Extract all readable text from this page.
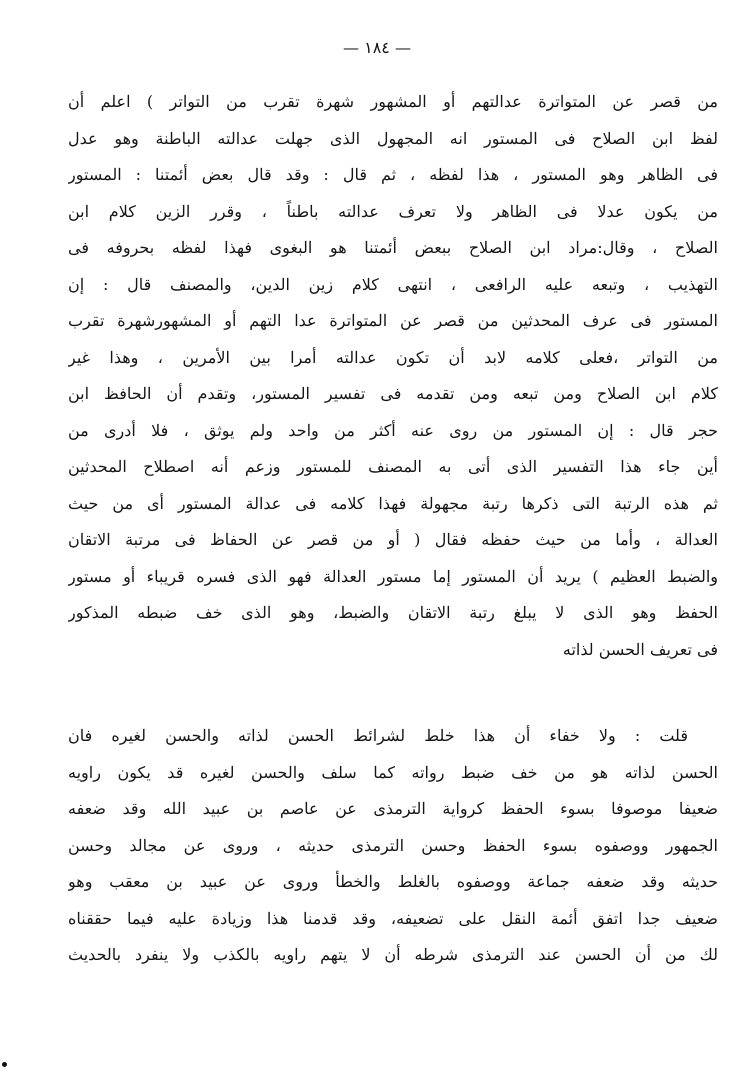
— ١٨٤ —
من قصر عن المتواترة عدالتهم أو المشهور شهرة تقرب من التواتر ) اعلم أن
لفظ ابن الصلاح فى المستور انه المجهول الذى جهلت عدالته الباطنة وهو عدل
فى الظاهر وهو المستور ، هذا لفظه ، ثم قال : وقد قال بعض أئمتنا : المستور
من يكون عدلا فى الظاهر ولا تعرف عدالته باطناً ، وقرر الزين كلام ابن
الصلاح ، وقال:مراد ابن الصلاح ببعض أئمتنا هو البغوى فهذا لفظه بحروفه فى
التهذيب ، وتبعه عليه الرافعى ، انتهى كلام زين الدين، والمصنف قال : إن
المستور فى عرف المحدثين من قصر عن المتواترة عدا التهم أو المشهورشهرة تقرب
من التواتر ،فعلى كلامه لابد أن تكون عدالته أمرا بين الأمرين ، وهذا غير
كلام ابن الصلاح ومن تبعه ومن تقدمه فى تفسير المستور، وتقدم أن الحافظ ابن
حجر قال : إن المستور من روى عنه أكثر من واحد ولم يوثق ، فلا أدرى من
أين جاء هذا التفسير الذى أتى به المصنف للمستور وزعم أنه اصطلاح المحدثين
ثم هذه الرتبة التى ذكرها رتبة مجهولة فهذا كلامه فى عدالة المستور أى من حيث
العدالة ، وأما من حيث حفظه فقال ( أو من قصر عن الحفاظ فى مرتبة الاتقان
والضبط العظيم ) يريد أن المستور إما مستور العدالة فهو الذى فسره قريباء أو مستور
الحفظ وهو الذى لا يبلغ رتبة الاتقان والضبط، وهو الذى خف ضبطه المذكور
فى تعريف الحسن لذاته
قلت : ولا خفاء أن هذا خلط لشرائط الحسن لذاته والحسن لغيره فان
الحسن لذاته هو من خف ضبط رواته كما سلف والحسن لغيره قد يكون راويه
ضعيفا موصوفا بسوء الحفظ كرواية الترمذى عن عاصم بن عبيد الله وقد ضعفه
الجمهور ووصفوه بسوء الحفظ وحسن الترمذى حديثه ، وروى عن مجالد وحسن
حديثه وقد ضعفه جماعة ووصفوه بالغلط والخطأ وروى عن عبيد بن معقب وهو
ضعيف جدا اتفق أئمة النقل على تضعيفه، وقد قدمنا هذا وزيادة عليه فيما حققناه
لك من أن الحسن عند الترمذى شرطه أن لا يتهم راويه بالكذب ولا ينفرد بالحديث
